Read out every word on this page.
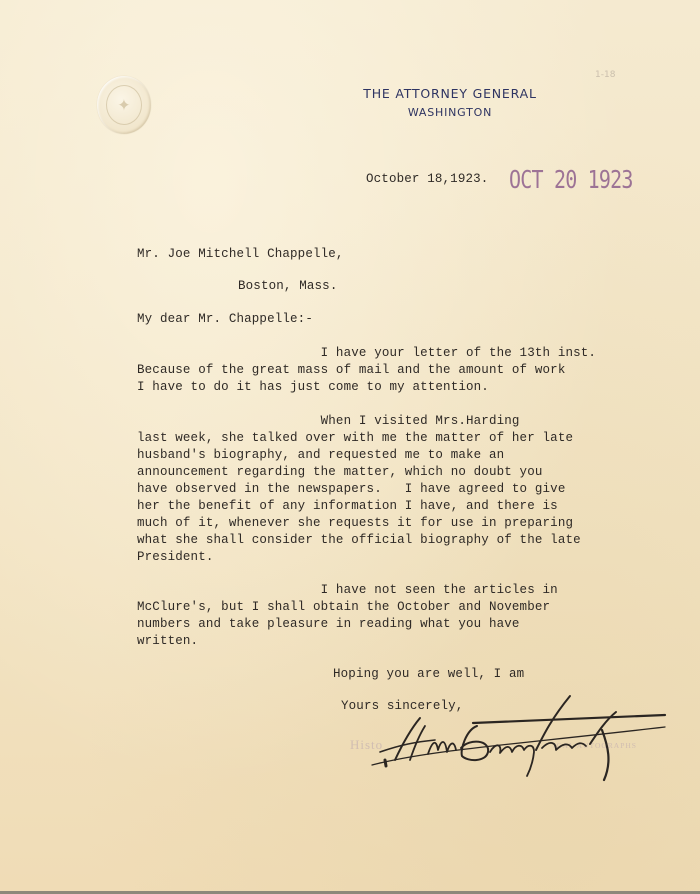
✦
THE ATTORNEY GENERAL
WASHINGTON
1-18
October 18,1923. OCT 20 1923
Mr. Joe Mitchell Chappelle,
Boston, Mass.
My dear Mr. Chappelle:-
I have your letter of the 13th inst.
Because of the great mass of mail and the amount of work
I have to do it has just come to my attention.
When I visited Mrs.Harding
last week, she talked over with me the matter of her late
husband's biography, and requested me to make an
announcement regarding the matter, which no doubt you
have observed in the newspapers.   I have agreed to give
her the benefit of any information I have, and there is
much of it, whenever she requests it for use in preparing
what she shall consider the official biography of the late
President.
I have not seen the articles in
McClure's, but I shall obtain the October and November
numbers and take pleasure in reading what you have
written.
Hoping you are well, I am
Yours sincerely,
Histo	ICAL AUTOGRAPHS
